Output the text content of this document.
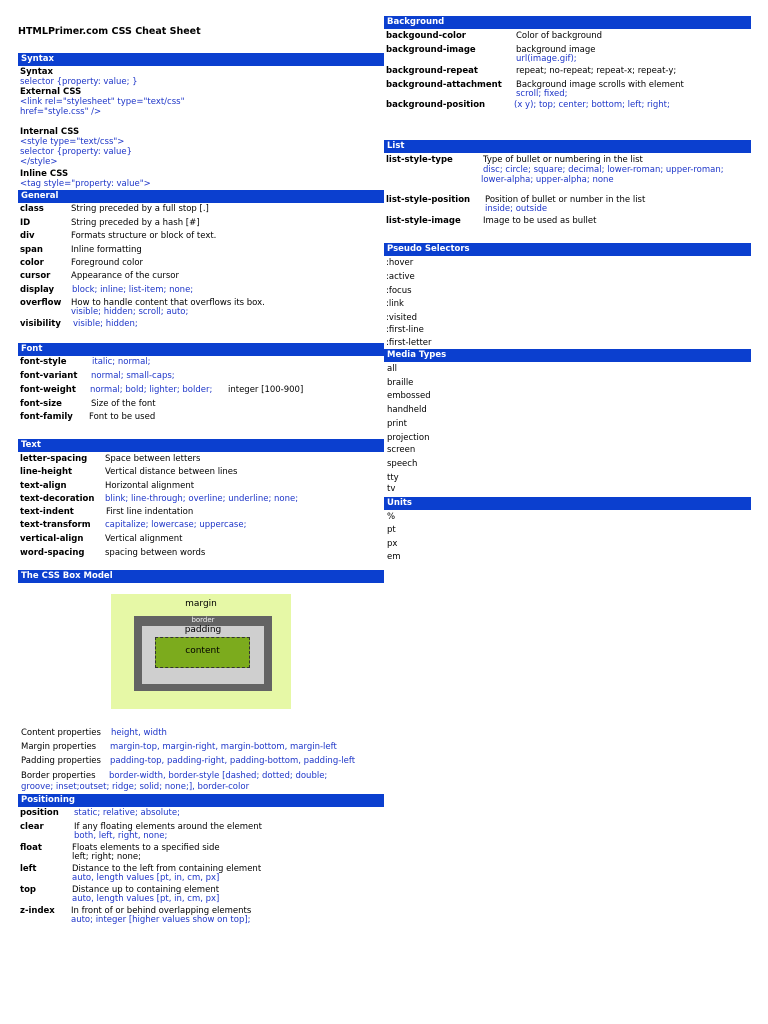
HTMLPrimer.com CSS Cheat Sheet
Syntax
Syntax
selector {property: value; }
External CSS
<link rel="stylesheet" type="text/css"
href="style.css" />
Internal CSS
<style type="text/css">
selector {property: value}
</style>
Inline CSS
<tag style="property: value">
General
class	String preceded by a full stop [.]
ID	String preceded by a hash [#]
div	Formats structure or block of text.
span	Inline formatting
color	Foreground color
cursor Appearance of the cursor
display block; inline; list-item; none;
overflow How to handle content that overflows its box.
visible; hidden; scroll; auto;
visibility visible; hidden;
Font
font-style	italic; normal;
font-variant normal; small-caps;
font-weight normal; bold; lighter; bolder; integer [100-900]
font-size	Size of the font
font-family Font to be used
Text
letter-spacing Space between letters
line-height	Vertical distance between lines
text-align	Horizontal alignment
text-decoration blink; line-through; overline; underline; none;
text-indent	First line indentation
text-transform capitalize; lowercase; uppercase;
vertical-align	Vertical alignment
word-spacing spacing between words
The CSS Box Model
margin
border
padding
content
Content properties height, width
Margin properties margin-top, margin-right, margin-bottom, margin-left
Padding properties padding-top, padding-right, padding-bottom, padding-left
Border properties border-width, border-style [dashed; dotted; double;
groove; inset;outset; ridge; solid; none;], border-color
Positioning
position static; relative; absolute;
clear	If any floating elements around the element
both, left, right, none;
float	Floats elements to a specified side
left; right; none;
left	Distance to the left from containing element
auto, length values [pt, in, cm, px]
top	Distance up to containing element
auto, length values [pt, in, cm, px]
z-index In front of or behind overlapping elements
auto; integer [higher values show on top];
Background
backgound-color	Color of background
background-image	background image
url(image.gif);
background-repeat	repeat; no-repeat; repeat-x; repeat-y;
background-attachment Background image scrolls with element
scroll; fixed;
background-position	(x y); top; center; bottom; left; right;
List
list-style-type	Type of bullet or numbering in the list
disc; circle; square; decimal; lower-roman; upper-roman;
lower-alpha; upper-alpha; none
list-style-position Position of bullet or number in the list
inside; outside
list-style-image	Image to be used as bullet
Pseudo Selectors
:hover
:active
:focus
:link
:visited
:first-line
:first-letter
Media Types
all
braille
embossed
handheld
print
projection
screen
speech
tty
tv
Units
%
pt
px
em
